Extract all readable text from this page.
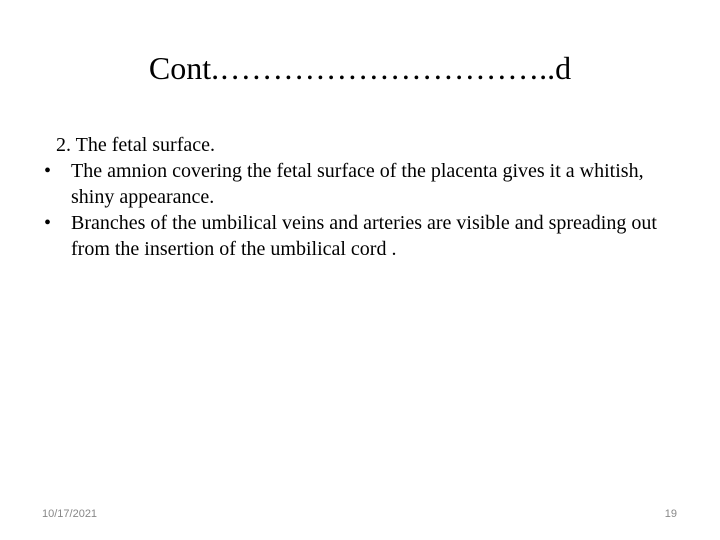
Cont.…………………………..d

2. The fetal surface.

• The amnion covering the fetal surface of the placenta gives it a whitish, shiny appearance.
• Branches of the umbilical veins and arteries are visible and spreading out from the insertion of the umbilical cord .
10/17/2021	19
